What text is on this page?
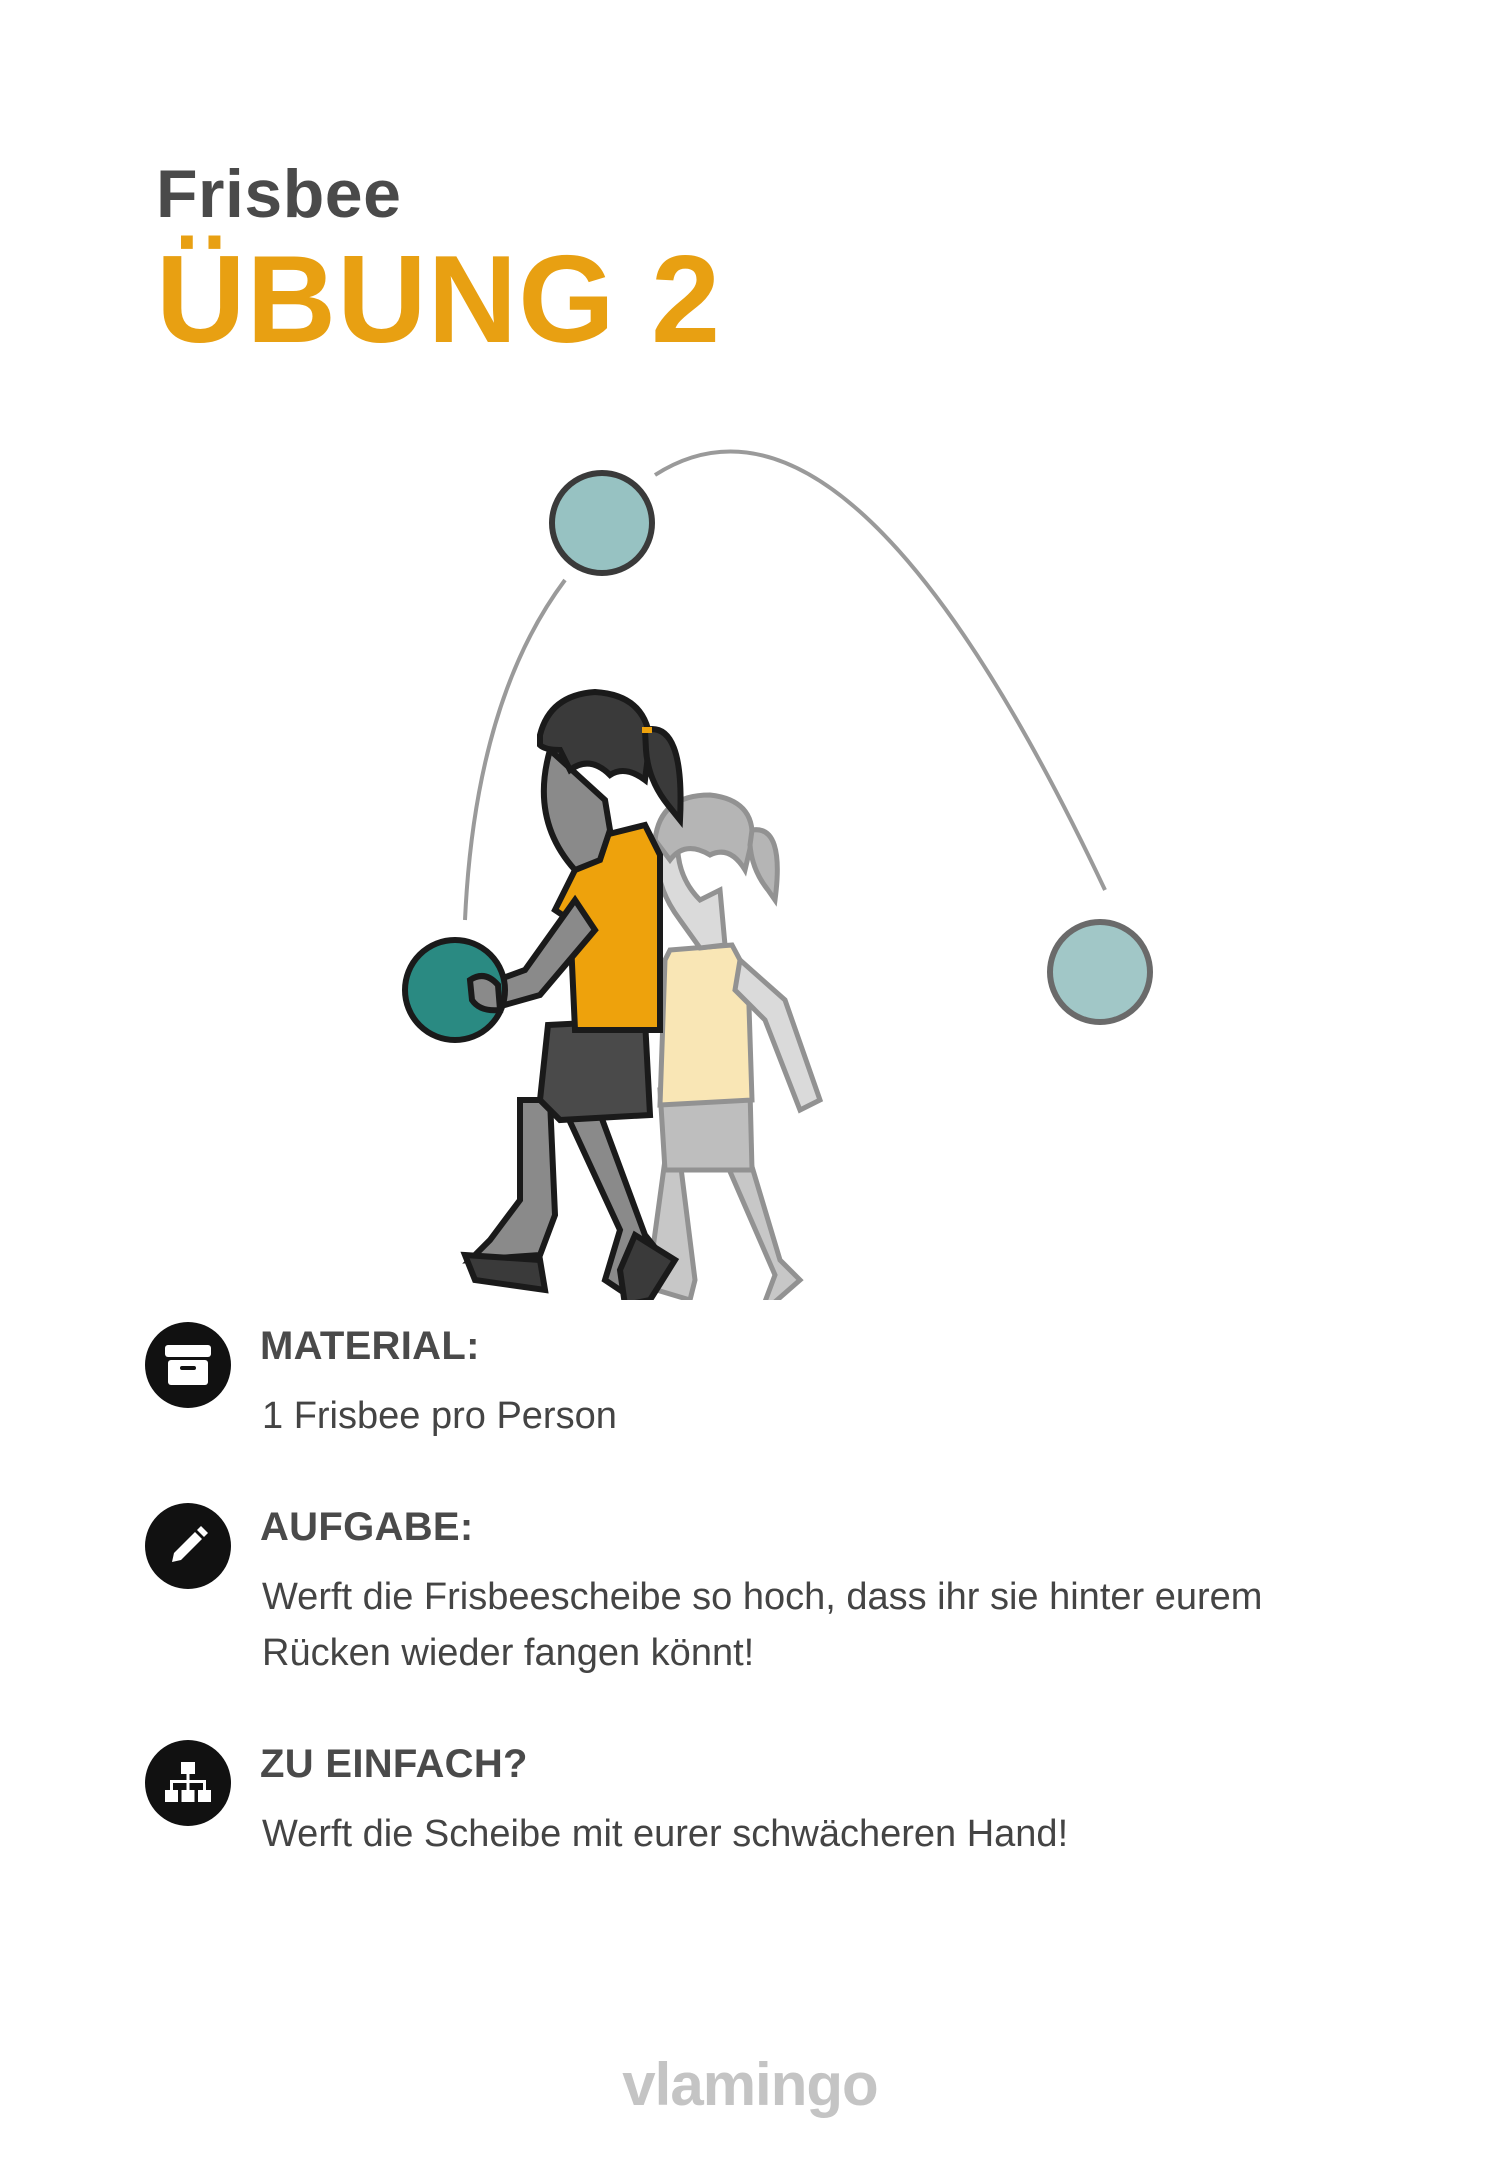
Frisbee
ÜBUNG 2
MATERIAL:
1 Frisbee pro Person
AUFGABE:
Werft die Frisbeescheibe so hoch, dass ihr sie hinter eurem Rücken wieder fangen könnt!
ZU EINFACH?
Werft die Scheibe mit eurer schwächeren Hand!
vlamingo
